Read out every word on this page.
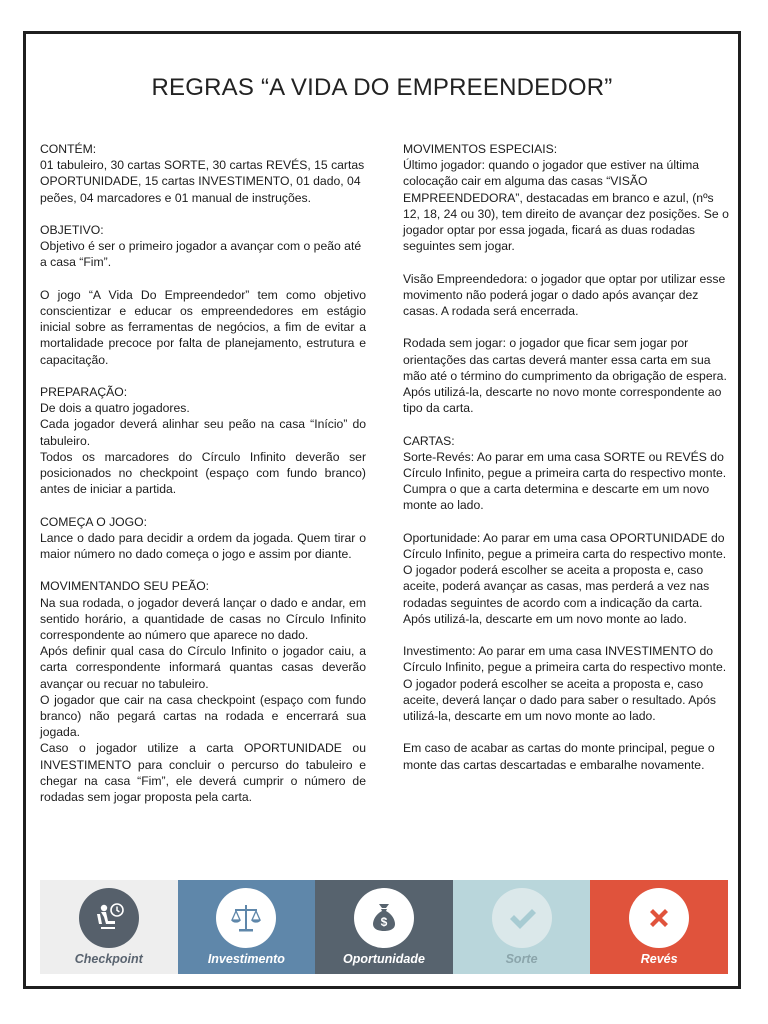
REGRAS “A VIDA DO EMPREENDEDOR”

CONTÉM:
01 tabuleiro, 30 cartas SORTE, 30 cartas REVÉS, 15 cartas OPORTUNIDADE, 15 cartas INVESTIMENTO, 01 dado, 04 peões, 04 marcadores e 01 manual de instruções.

OBJETIVO:
Objetivo é ser o primeiro jogador a avançar com o peão até a casa “Fim”.

O jogo “A Vida Do Empreendedor” tem como objetivo conscientizar e educar os empreendedores em estágio inicial sobre as ferramentas de negócios, a fim de evitar a mortalidade precoce por falta de planejamento, estrutura e capacitação.

PREPARAÇÃO:
De dois a quatro jogadores.
Cada jogador deverá alinhar seu peão na casa “Início” do tabuleiro.
Todos os marcadores do Círculo Infinito deverão ser posicionados no checkpoint (espaço com fundo branco) antes de iniciar a partida.

COMEÇA O JOGO:
Lance o dado para decidir a ordem da jogada. Quem tirar o maior número no dado começa o jogo e assim por diante.

MOVIMENTANDO SEU PEÃO:
Na sua rodada, o jogador deverá lançar o dado e andar, em sentido horário, a quantidade de casas no Círculo Infinito correspondente ao número que aparece no dado.
Após definir qual casa do Círculo Infinito o jogador caiu, a carta correspondente informará quantas casas deverão avançar ou recuar no tabuleiro.
O jogador que cair na casa checkpoint (espaço com fundo branco) não pegará cartas na rodada e encerrará sua jogada.
Caso o jogador utilize a carta OPORTUNIDADE ou INVESTIMENTO para concluir o percurso do tabuleiro e chegar na casa “Fim”, ele deverá cumprir o número de rodadas sem jogar proposta pela carta.

MOVIMENTOS ESPECIAIS:
Último jogador: quando o jogador que estiver na última colocação cair em alguma das casas “VISÃO EMPREENDEDORA”, destacadas em branco e azul, (nºs 12, 18, 24 ou 30), tem direito de avançar dez posições. Se o jogador optar por essa jogada, ficará as duas rodadas seguintes sem jogar.

Visão Empreendedora: o jogador que optar por utilizar esse movimento não poderá jogar o dado após avançar dez casas. A rodada será encerrada.

Rodada sem jogar: o jogador que ficar sem jogar por orientações das cartas deverá manter essa carta em sua mão até o término do cumprimento da obrigação de espera. Após utilizá-la, descarte no novo monte correspondente ao tipo da carta.

CARTAS:
Sorte-Revés: Ao parar em uma casa SORTE ou REVÉS do Círculo Infinito, pegue a primeira carta do respectivo monte. Cumpra o que a carta determina e descarte em um novo monte ao lado.

Oportunidade: Ao parar em uma casa OPORTUNIDADE do Círculo Infinito, pegue a primeira carta do respectivo monte. O jogador poderá escolher se aceita a proposta e, caso aceite, poderá avançar as casas, mas perderá a vez nas rodadas seguintes de acordo com a indicação da carta. Após utilizá-la, descarte em um novo monte ao lado.

Investimento: Ao parar em uma casa INVESTIMENTO do Círculo Infinito, pegue a primeira carta do respectivo monte. O jogador poderá escolher se aceita a proposta e, caso aceite, deverá lançar o dado para saber o resultado. Após utilizá-la, descarte em um novo monte ao lado.

Em caso de acabar as cartas do monte principal, pegue o monte das cartas descartadas e embaralhe novamente.

Checkpoint	Investimento
$
Oportunidade	Sorte	Revés
